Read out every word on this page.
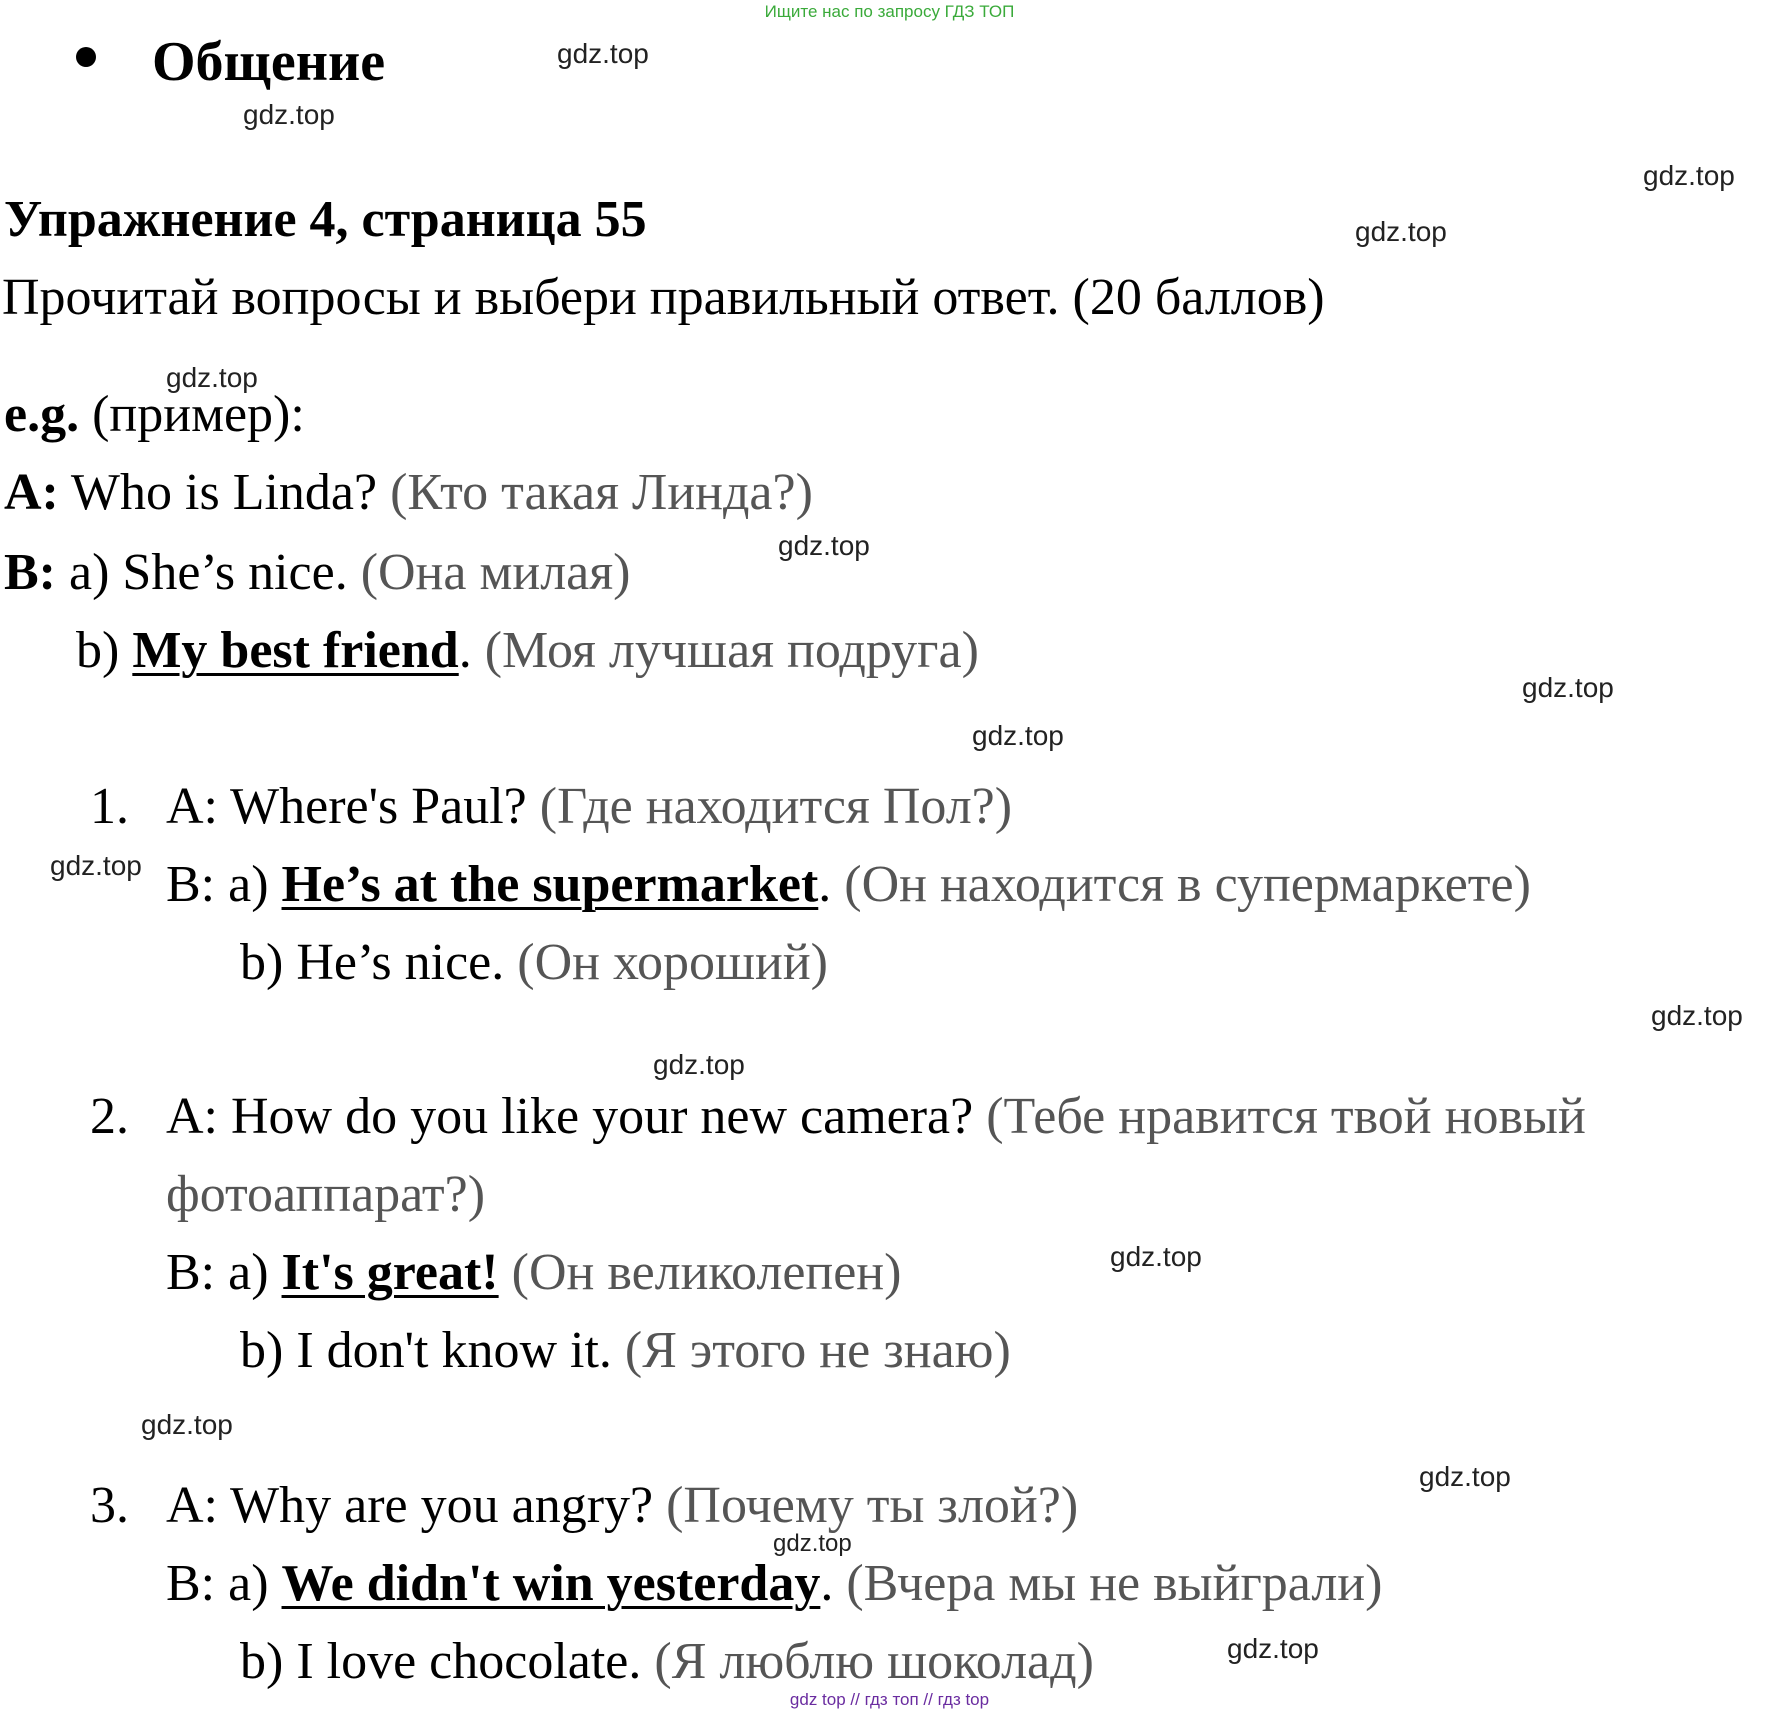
Ищите нас по запросу ГДЗ ТОП
Общение
Упражнение 4, страница 55
Прочитай вопросы и выбери правильный ответ. (20 баллов)
e.g. (пример):
A: Who is Linda? (Кто такая Линда?)
B: a) She’s nice. (Она милая)
b) My best friend. (Моя лучшая подруга)
1. A: Where's Paul? (Где находится Пол?)
B: a) He’s at the supermarket. (Он находится в супермаркете)
b) He’s nice. (Он хороший)
2. A: How do you like your new camera? (Тебе нравится твой новый
фотоаппарат?)
B: a) It's great! (Он великолепен)
b) I don't know it. (Я этого не знаю)
3. A: Why are you angry? (Почему ты злой?)
B: a) We didn't win yesterday. (Вчера мы не выйграли)
b) I love chocolate. (Я люблю шоколад)
gdz.top
gdz.top
gdz.top
gdz.top
gdz.top
gdz.top
gdz.top
gdz.top
gdz.top
gdz.top
gdz.top
gdz.top
gdz.top
gdz.top
gdz.top
gdz.top
gdz top // гдз топ // гдз top
